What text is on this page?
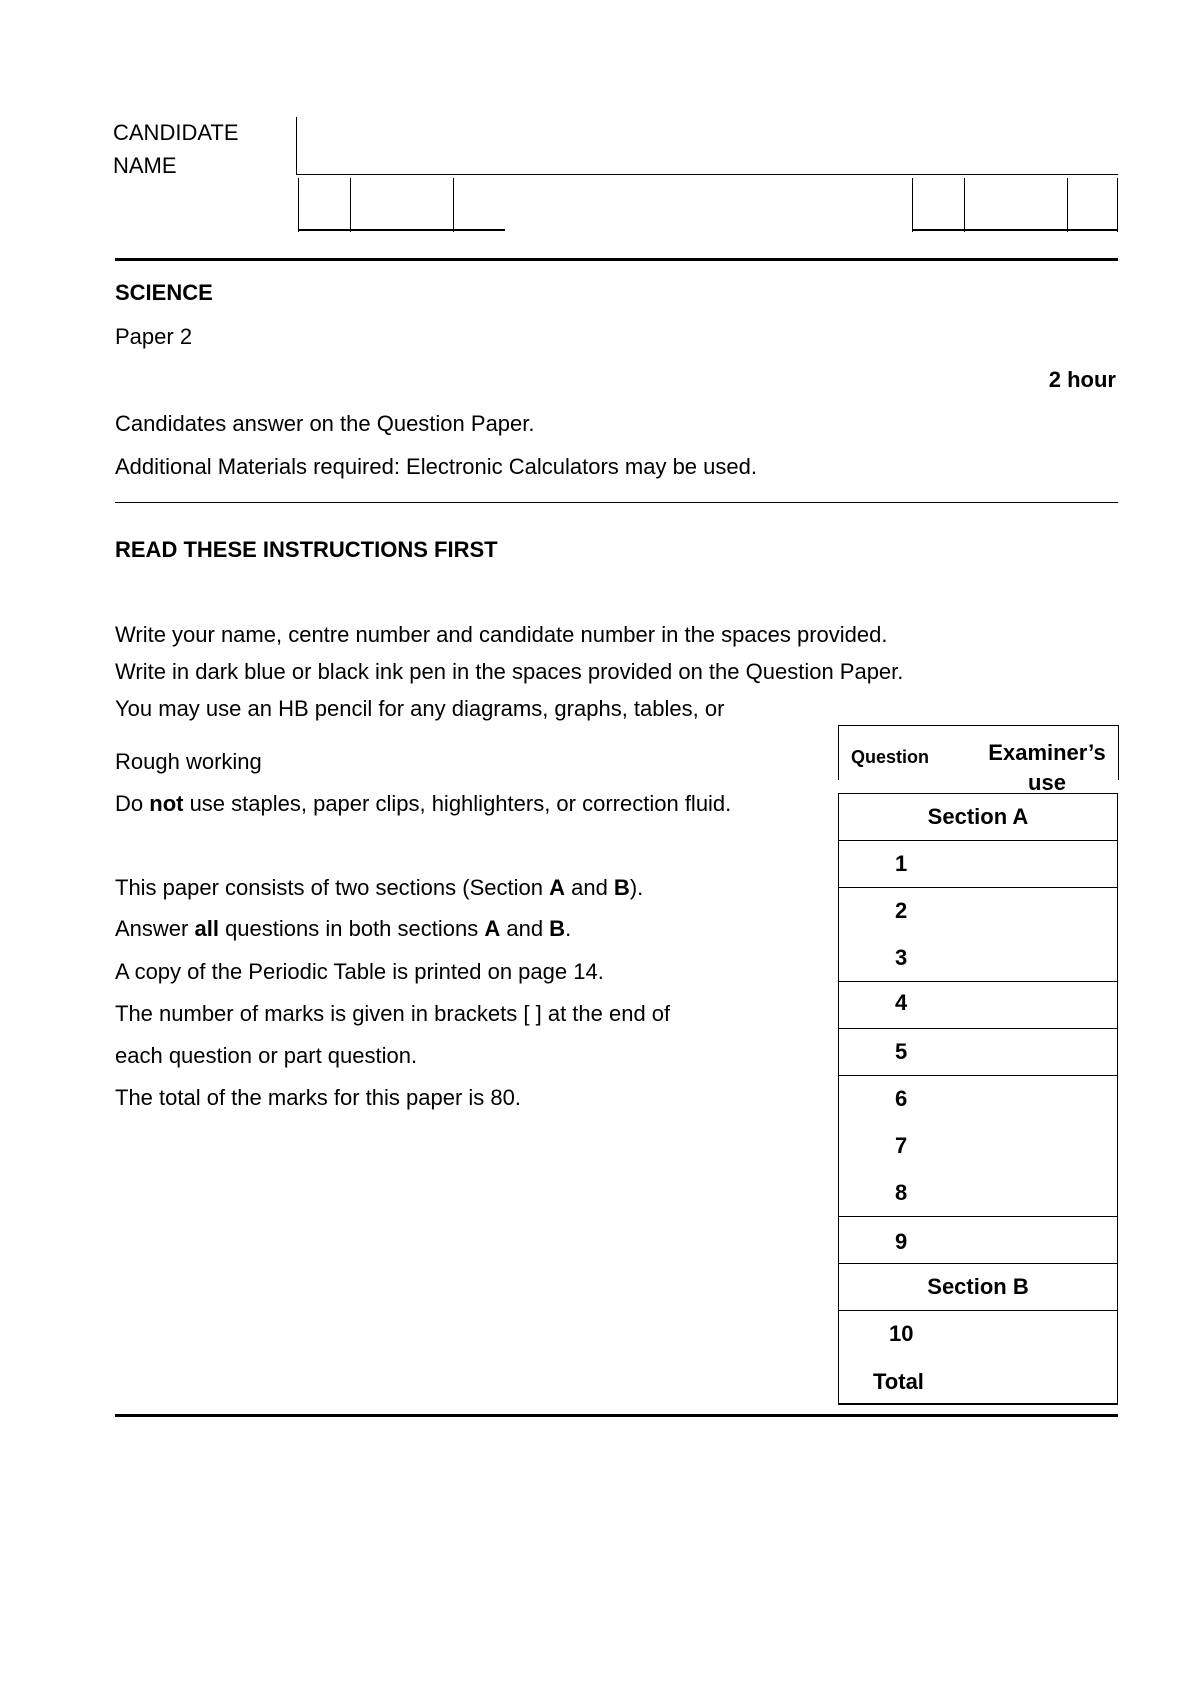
CANDIDATE
NAME
SCIENCE
Paper 2
2 hour
Candidates answer on the Question Paper.
Additional Materials required: Electronic Calculators may be used.
READ THESE INSTRUCTIONS FIRST
Write your name, centre number and candidate number in the spaces provided.
Write in dark blue or black ink pen in the spaces provided on the Question Paper.
You may use an HB pencil for any diagrams, graphs, tables, or
Rough working
Do not use staples, paper clips, highlighters, or correction fluid.
This paper consists of two sections (Section A and B).
Answer all questions in both sections A and B.
A copy of the Periodic Table is printed on page 14.
The number of marks is given in brackets [ ] at the end of
each question or part question.
The total of the marks for this paper is 80.
Question	Examiner’s use
Section A
1
2
3
4
5
6
7
8
9
Section B
10
Total
